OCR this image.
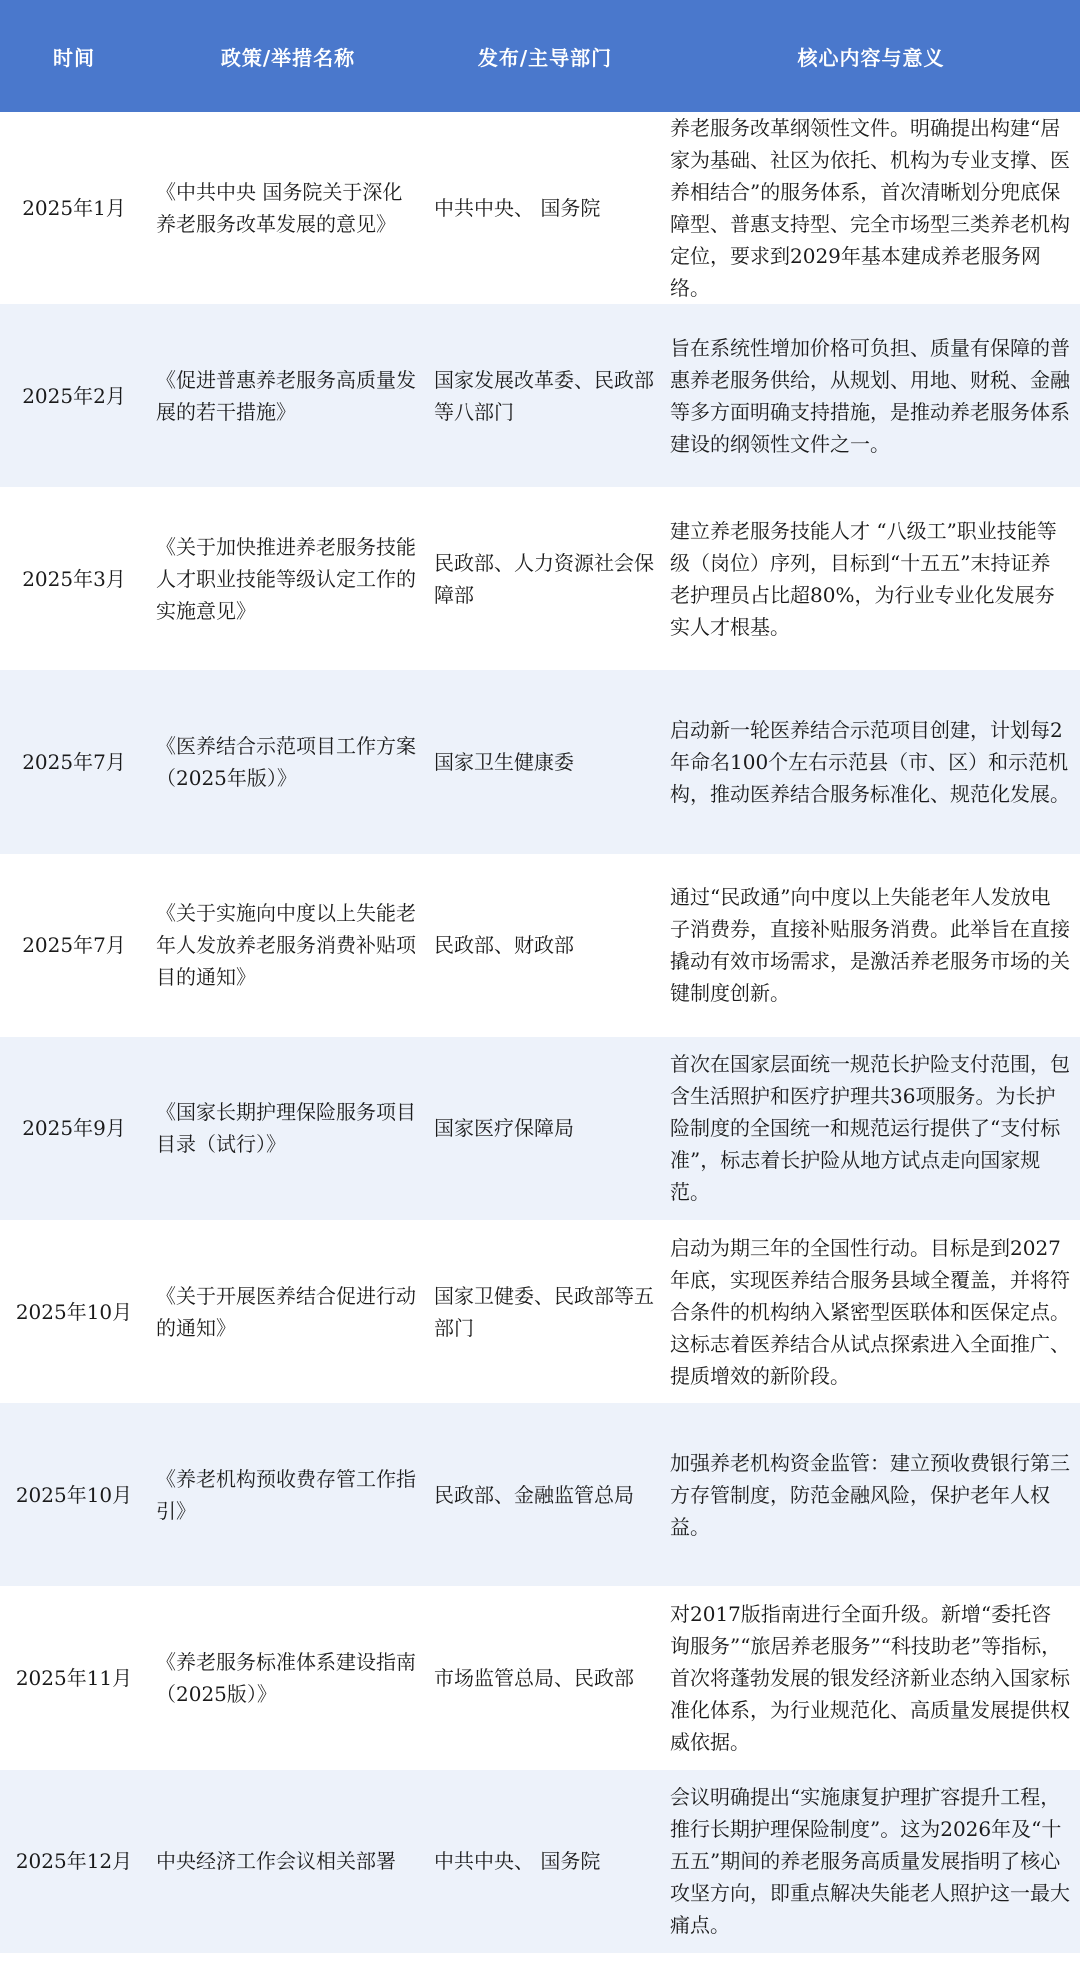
时间	政策/举措名称	发布/主导部门	核心内容与意义
2025年1月	《中共中央 国务院关于深化养老服务改革发展的意见》	中共中央、 国务院	养老服务改革纲领性文件。明确提出构建“居家为基础、社区为依托、机构为专业支撑、医养相结合”的服务体系，首次清晰划分兜底保障型、普惠支持型、完全市场型三类养老机构定位，要求到2029年基本建成养老服务网络。
2025年2月	《促进普惠养老服务高质量发展的若干措施》	国家发展改革委、民政部等八部门	旨在系统性增加价格可负担、质量有保障的普惠养老服务供给，从规划、用地、财税、金融等多方面明确支持措施，是推动养老服务体系建设的纲领性文件之一。
2025年3月	《关于加快推进养老服务技能人才职业技能等级认定工作的实施意见》	民政部、人力资源社会保障部	建立养老服务技能人才 “八级工”职业技能等级（岗位）序列，目标到“十五五”末持证养老护理员占比超80%，为行业专业化发展夯实人才根基。
2025年7月	《医养结合示范项目工作方案（2025年版）》	国家卫生健康委	启动新一轮医养结合示范项目创建，计划每2年命名100个左右示范县（市、区）和示范机构，推动医养结合服务标准化、规范化发展。
2025年7月	《关于实施向中度以上失能老年人发放养老服务消费补贴项目的通知》	民政部、财政部	通过“民政通”向中度以上失能老年人发放电子消费券，直接补贴服务消费。此举旨在直接撬动有效市场需求，是激活养老服务市场的关键制度创新。
2025年9月	《国家长期护理保险服务项目目录（试行）》	国家医疗保障局	首次在国家层面统一规范长护险支付范围，包含生活照护和医疗护理共36项服务。为长护险制度的全国统一和规范运行提供了“支付标准”，标志着长护险从地方试点走向国家规范。
2025年10月	《关于开展医养结合促进行动的通知》	国家卫健委、民政部等五部门	启动为期三年的全国性行动。目标是到2027年底，实现医养结合服务县域全覆盖，并将符合条件的机构纳入紧密型医联体和医保定点。这标志着医养结合从试点探索进入全面推广、提质增效的新阶段。
2025年10月	《养老机构预收费存管工作指引》	民政部、金融监管总局	加强养老机构资金监管：建立预收费银行第三方存管制度，防范金融风险，保护老年人权益。
2025年11月	《养老服务标准体系建设指南（2025版）》	市场监管总局、民政部	对2017版指南进行全面升级。新增“委托咨询服务”“旅居养老服务”“科技助老”等指标，首次将蓬勃发展的银发经济新业态纳入国家标准化体系，为行业规范化、高质量发展提供权威依据。
2025年12月	中央经济工作会议相关部署	中共中央、 国务院	会议明确提出“实施康复护理扩容提升工程，推行长期护理保险制度”。这为2026年及“十五五”期间的养老服务高质量发展指明了核心攻坚方向，即重点解决失能老人照护这一最大痛点。
